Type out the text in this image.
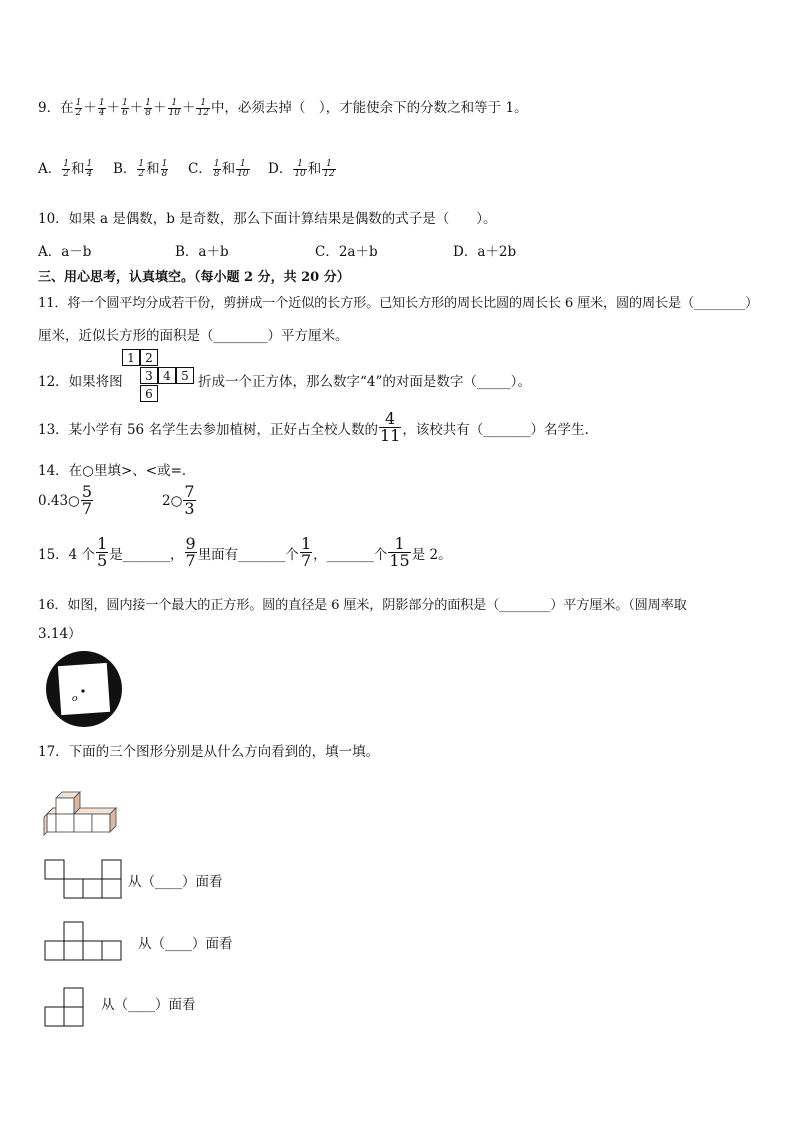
9．在 $\frac{1}{2} + \frac{1}{4} + \frac{1}{6} + \frac{1}{8} + \frac{1}{10} + \frac{1}{12}$ 中，必须去掉（　），才能使余下的分数之和等于 1。
A． $\frac{1}{2}$ 和 $\frac{1}{4}$ B． $\frac{1}{2}$ 和 $\frac{1}{8}$ C． $\frac{1}{8}$ 和 $\frac{1}{10}$ D． $\frac{1}{10}$ 和 $\frac{1}{12}$
10．如果 a 是偶数，b 是奇数，那么下面计算结果是偶数的式子是（　　）。
A．a－b	B．a＋b	C．2a＋b	D．a＋2b
三、用心思考，认真填空。（每小题 2 分，共 20 分）
11．将一个圆平均分成若干份，剪拼成一个近似的长方形。已知长方形的周长比圆的周长长 6 厘米，圆的周长是（________）
厘米，近似长方形的面积是（________）平方厘米。
12．如果将图
1 2
3 4 5
6
折成一个正方体，那么数字“4”的对面是数字（_____）。
13．某小学有 56 名学生去参加植树，正好占全校人数的 $\frac{4}{11}$ ，该校共有（_______）名学生.
14．在○里填>、<或=．
0.43○ $\frac{5}{7}$	2○ $\frac{7}{3}$
15．4 个 $\frac{1}{5}$ 是_______， $\frac{9}{7}$ 里面有_______个 $\frac{1}{7}$ ，_______个 $\frac{1}{15}$ 是 2。
16．如图，圆内接一个最大的正方形。圆的直径是 6 厘米，阴影部分的面积是（________）平方厘米。（圆周率取
3.14）
o
17．下面的三个图形分别是从什么方向看到的，填一填。
从（____）面看
从（____）面看
从（____）面看
